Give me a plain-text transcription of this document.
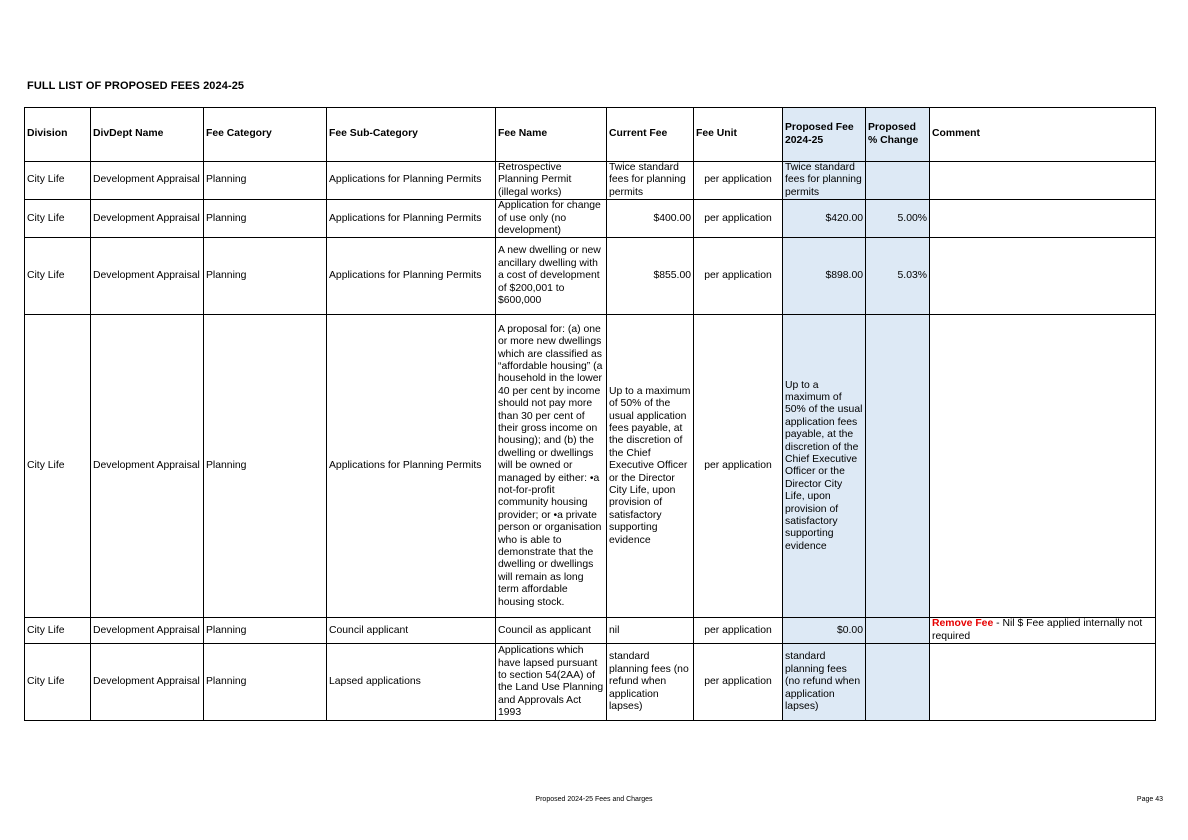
FULL LIST OF PROPOSED FEES 2024-25
Division	DivDept Name	Fee Category	Fee Sub-Category	Fee Name	Current Fee	Fee Unit	Proposed Fee 2024-25	Proposed % Change	Comment
City Life	Development Appraisal	Planning	Applications for Planning Permits	Retrospective Planning Permit (illegal works)	Twice standard fees for planning permits	per application	Twice standard fees for planning permits		
City Life	Development Appraisal	Planning	Applications for Planning Permits	Application for change of use only (no development)	$400.00	per application	$420.00	5.00%	
City Life	Development Appraisal	Planning	Applications for Planning Permits	A new dwelling or new ancillary dwelling with a cost of development of $200,001 to $600,000	$855.00	per application	$898.00	5.03%	
City Life	Development Appraisal	Planning	Applications for Planning Permits	A proposal for: (a) one or more new dwellings which are classified as “affordable housing” (a household in the lower 40 per cent by income should not pay more than 30 per cent of their gross income on housing); and (b) the dwelling or dwellings will be owned or managed by either: •a not-for-profit community housing provider; or •a private person or organisation who is able to demonstrate that the dwelling or dwellings will remain as long term affordable housing stock.	Up to a maximum of 50% of the usual application fees payable, at the discretion of the Chief Executive Officer or the Director City Life, upon provision of satisfactory supporting evidence	per application	Up to a maximum of 50% of the usual application fees payable, at the discretion of the Chief Executive Officer or the Director City Life, upon provision of satisfactory supporting evidence		
City Life	Development Appraisal	Planning	Council applicant	Council as applicant	nil	per application	$0.00		Remove Fee - Nil $ Fee applied internally not required
City Life	Development Appraisal	Planning	Lapsed applications	Applications which have lapsed pursuant to section 54(2AA) of the Land Use Planning and Approvals Act 1993	standard planning fees (no refund when application lapses)	per application	standard planning fees (no refund when application lapses)		
Proposed 2024-25 Fees and Charges	Page 43
